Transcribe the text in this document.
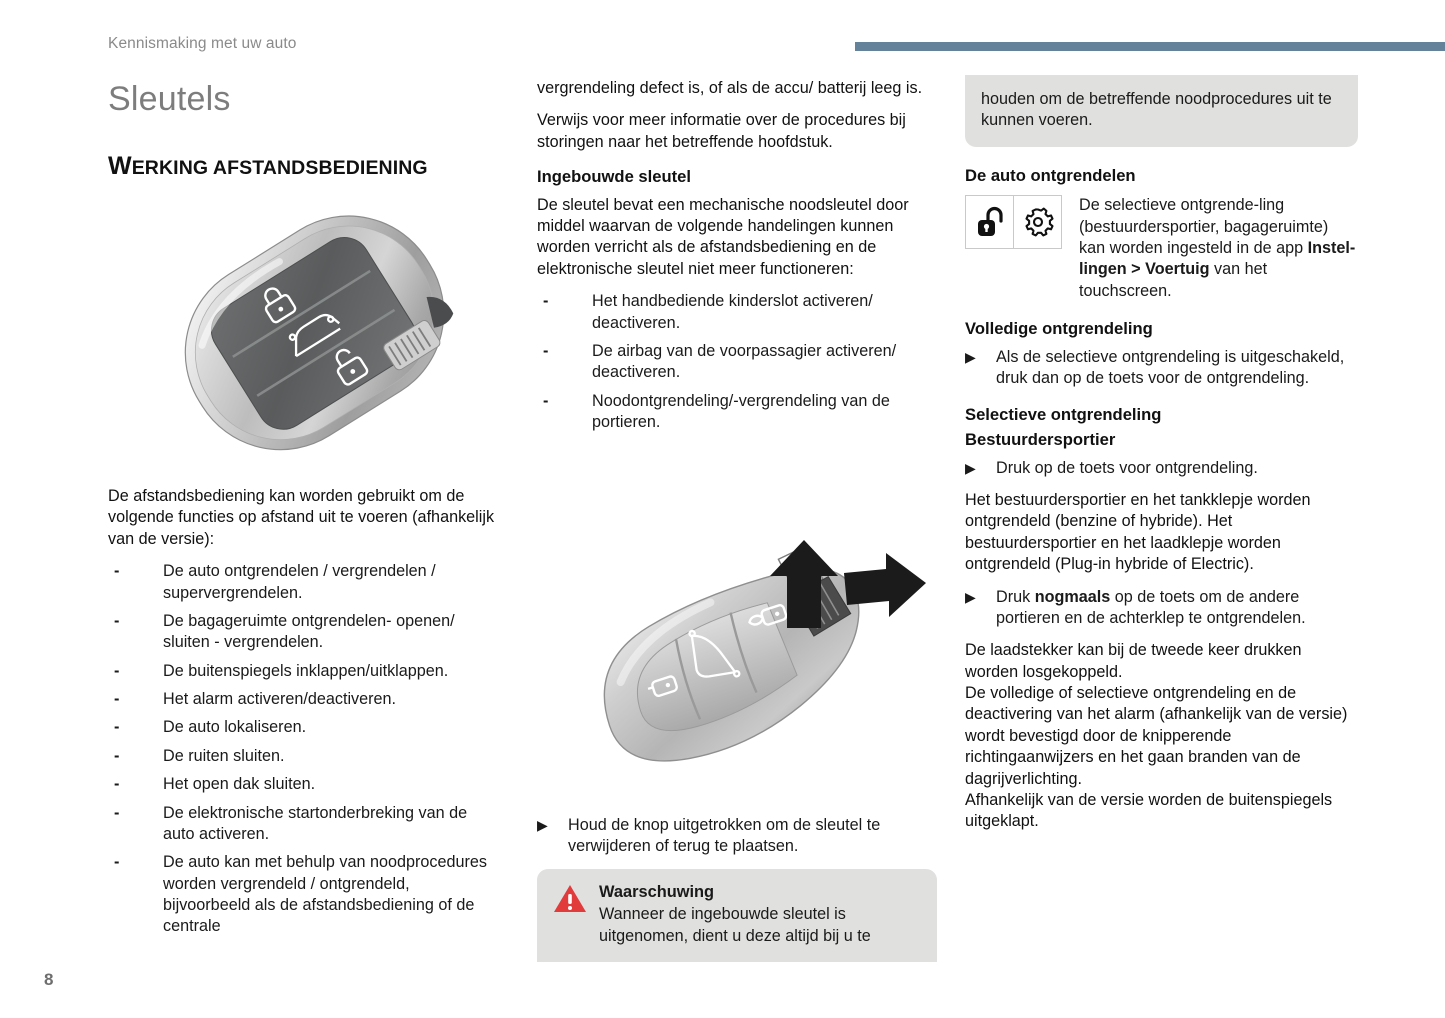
Kennismaking met uw auto
Sleutels
WERKING AFSTANDSBEDIENING

De afstandsbediening kan worden gebruikt om de volgende functies op afstand uit te voeren (afhankelijk van de versie):

- De auto ontgrendelen / vergrendelen / supervergrendelen.
- De bagageruimte ontgrendelen- openen/ sluiten - vergrendelen.
- De buitenspiegels inklappen/uitklappen.
- Het alarm activeren/deactiveren.
- De auto lokaliseren.
- De ruiten sluiten.
- Het open dak sluiten.
- De elektronische startonderbreking van de auto activeren.
- De auto kan met behulp van noodprocedures worden vergrendeld / ontgrendeld, bijvoorbeeld als de afstandsbediening of de centrale

vergrendeling defect is, of als de accu/ batterij leeg is.

Verwijs voor meer informatie over de procedures bij storingen naar het betreffende hoofdstuk.

Ingebouwde sleutel

De sleutel bevat een mechanische noodsleutel door middel waarvan de volgende handelingen kunnen worden verricht als de afstandsbediening en de elektronische sleutel niet meer functioneren:

- Het handbediende kinderslot activeren/ deactiveren.
- De airbag van de voorpassagier activeren/ deactiveren.
- Noodontgrendeling/-vergrendeling van de portieren.
▶ Houd de knop uitgetrokken om de sleutel te verwijderen of terug te plaatsen.
Waarschuwing
Wanneer de ingebouwde sleutel is uitgenomen, dient u deze altijd bij u te
houden om de betreffende noodprocedures uit te kunnen voeren.
De auto ontgrendelen
De selectieve ontgrende-ling (bestuurdersportier, bagageruimte) kan worden ingesteld in de app Instel-lingen > Voertuig van het touchscreen.
Volledige ontgrendeling
▶ Als de selectieve ontgrendeling is uitgeschakeld, druk dan op de toets voor de ontgrendeling.
Selectieve ontgrendeling
Bestuurdersportier
▶ Druk op de toets voor ontgrendeling.

Het bestuurdersportier en het tankklepje worden ontgrendeld (benzine of hybride). Het bestuurdersportier en het laadklepje worden ontgrendeld (Plug-in hybride of Electric).

▶ Druk nogmaals op de toets om de andere portieren en de achterklep te ontgrendelen.

De laadstekker kan bij de tweede keer drukken worden losgekoppeld.

De volledige of selectieve ontgrendeling en de deactivering van het alarm (afhankelijk van de versie) wordt bevestigd door de knipperende richtingaanwijzers en het gaan branden van de dagrijverlichting.

Afhankelijk van de versie worden de buitenspiegels uitgeklapt.

8
